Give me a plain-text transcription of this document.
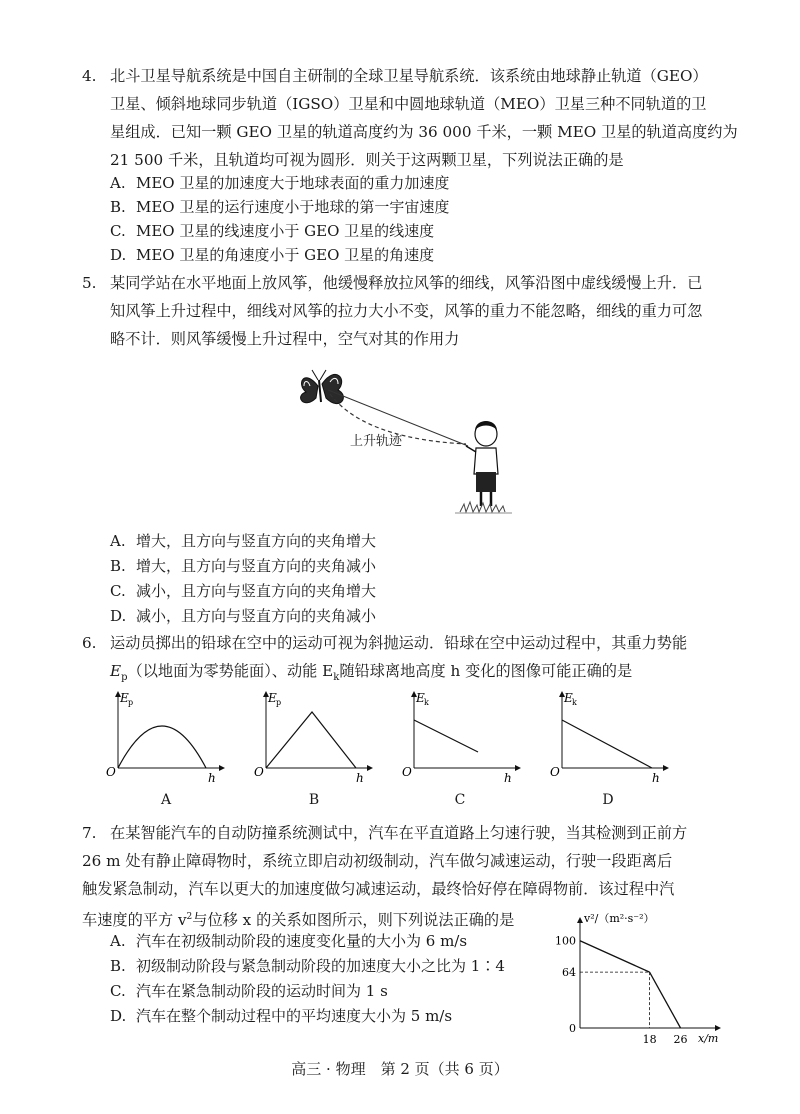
4. 北斗卫星导航系统是中国自主研制的全球卫星导航系统．该系统由地球静止轨道（GEO）
卫星、倾斜地球同步轨道（IGSO）卫星和中圆地球轨道（MEO）卫星三种不同轨道的卫
星组成．已知一颗 GEO 卫星的轨道高度约为 36 000 千米，一颗 MEO 卫星的轨道高度约为
21 500 千米，且轨道均可视为圆形．则关于这两颗卫星，下列说法正确的是
A. MEO 卫星的加速度大于地球表面的重力加速度
B. MEO 卫星的运行速度小于地球的第一宇宙速度
C. MEO 卫星的线速度小于 GEO 卫星的线速度
D. MEO 卫星的角速度小于 GEO 卫星的角速度
5. 某同学站在水平地面上放风筝，他缓慢释放拉风筝的细线，风筝沿图中虚线缓慢上升．已
知风筝上升过程中，细线对风筝的拉力大小不变，风筝的重力不能忽略，细线的重力可忽
略不计．则风筝缓慢上升过程中，空气对其的作用力
上升轨迹
A. 增大，且方向与竖直方向的夹角增大
B. 增大，且方向与竖直方向的夹角减小
C. 减小，且方向与竖直方向的夹角增大
D. 减小，且方向与竖直方向的夹角减小
6. 运动员掷出的铅球在空中的运动可视为斜抛运动．铅球在空中运动过程中，其重力势能
$E_p$（以地面为零势能面）、动能 $E_k$随铅球离地高度 h 变化的图像可能正确的是
E p
O	h
A
E p
O	h
B
E k
O	h
C
E k
O	h
D
7. 在某智能汽车的自动防撞系统测试中，汽车在平直道路上匀速行驶，当其检测到正前方
26 m 处有静止障碍物时，系统立即启动初级制动，汽车做匀减速运动，行驶一段距离后
触发紧急制动，汽车以更大的加速度做匀减速运动，最终恰好停在障碍物前．该过程中汽
车速度的平方 $v^2$与位移 x 的关系如图所示，则下列说法正确的是
A. 汽车在初级制动阶段的速度变化量的大小为 6 m/s
B. 初级制动阶段与紧急制动阶段的加速度大小之比为 1∶4
C. 汽车在紧急制动阶段的运动时间为 1 s
D. 汽车在整个制动过程中的平均速度大小为 5 m/s
v²/（m²·s⁻²）
x/m
100
64
0
18 26
高三 · 物理　第 2 页（共 6 页）
